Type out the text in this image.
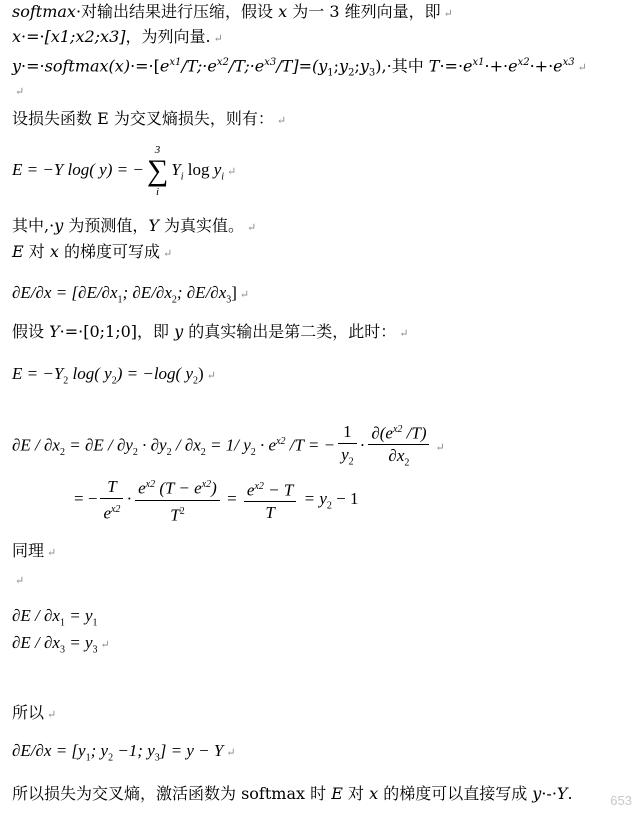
softmax·对输出结果进行压缩，假设 x 为一 3 维列向量，即 ↵
x·=·[x1;x2;x3]，为列向量. ↵
$y\cdot=\cdot softmax(x)\cdot=\cdot[e^{x1}/T;\cdot e^{x2}/T;\cdot e^{x3}/T]=(y_1;y_2;y_3),\cdot$其中 $T\cdot=\cdot e^{x1}\cdot+\cdot e^{x2}\cdot+\cdot e^{x3}$ ↵
↵
设损失函数 E 为交叉熵损失，则有： ↵
E = −Y log( y) = −
3
∑
i
$Y_i$ $\log y_i$ ↵
其中,·y 为预测值，Y 为真实值。 ↵
E 对 x 的梯度可写成 ↵
$\partial E/\partial x = [\partial E/\partial x_1$; $\partial E/\partial x_2$; $\partial E/\partial x_3$] ↵
假设 Y·=·[0;1;0]，即 y 的真实输出是第二类，此时： ↵
$E = -Y_2$ log( $y_2) = -\log$( $y_2$) ↵
$\partial E / \partial x_2 = \partial E / \partial y_2 \cdot \partial y_2 / \partial x_2 = 1/$ $y_2 \cdot e^{x2}$ /T = − $\frac{1}{y_2} \cdot \frac{\partial(e^{x2} /T)}{\partial x_2}$ ↵
= − $\frac{T}{e^{x2}} \cdot \frac{e^{x2} (T - e^{x2})}{T^2} = \frac{e^{x2} - T}{T} = y_2 - 1$
同理 ↵
↵
$\partial E / \partial x_1 = y_1$
$\partial E / \partial x_3 = y_3$ ↵
所以 ↵
$\partial E/\partial x = [y_1$; $y_2 -1$; $y_3] = y - Y$ ↵
所以损失为交叉熵，激活函数为 softmax 时 E 对 x 的梯度可以直接写成 y·-·Y.	653
